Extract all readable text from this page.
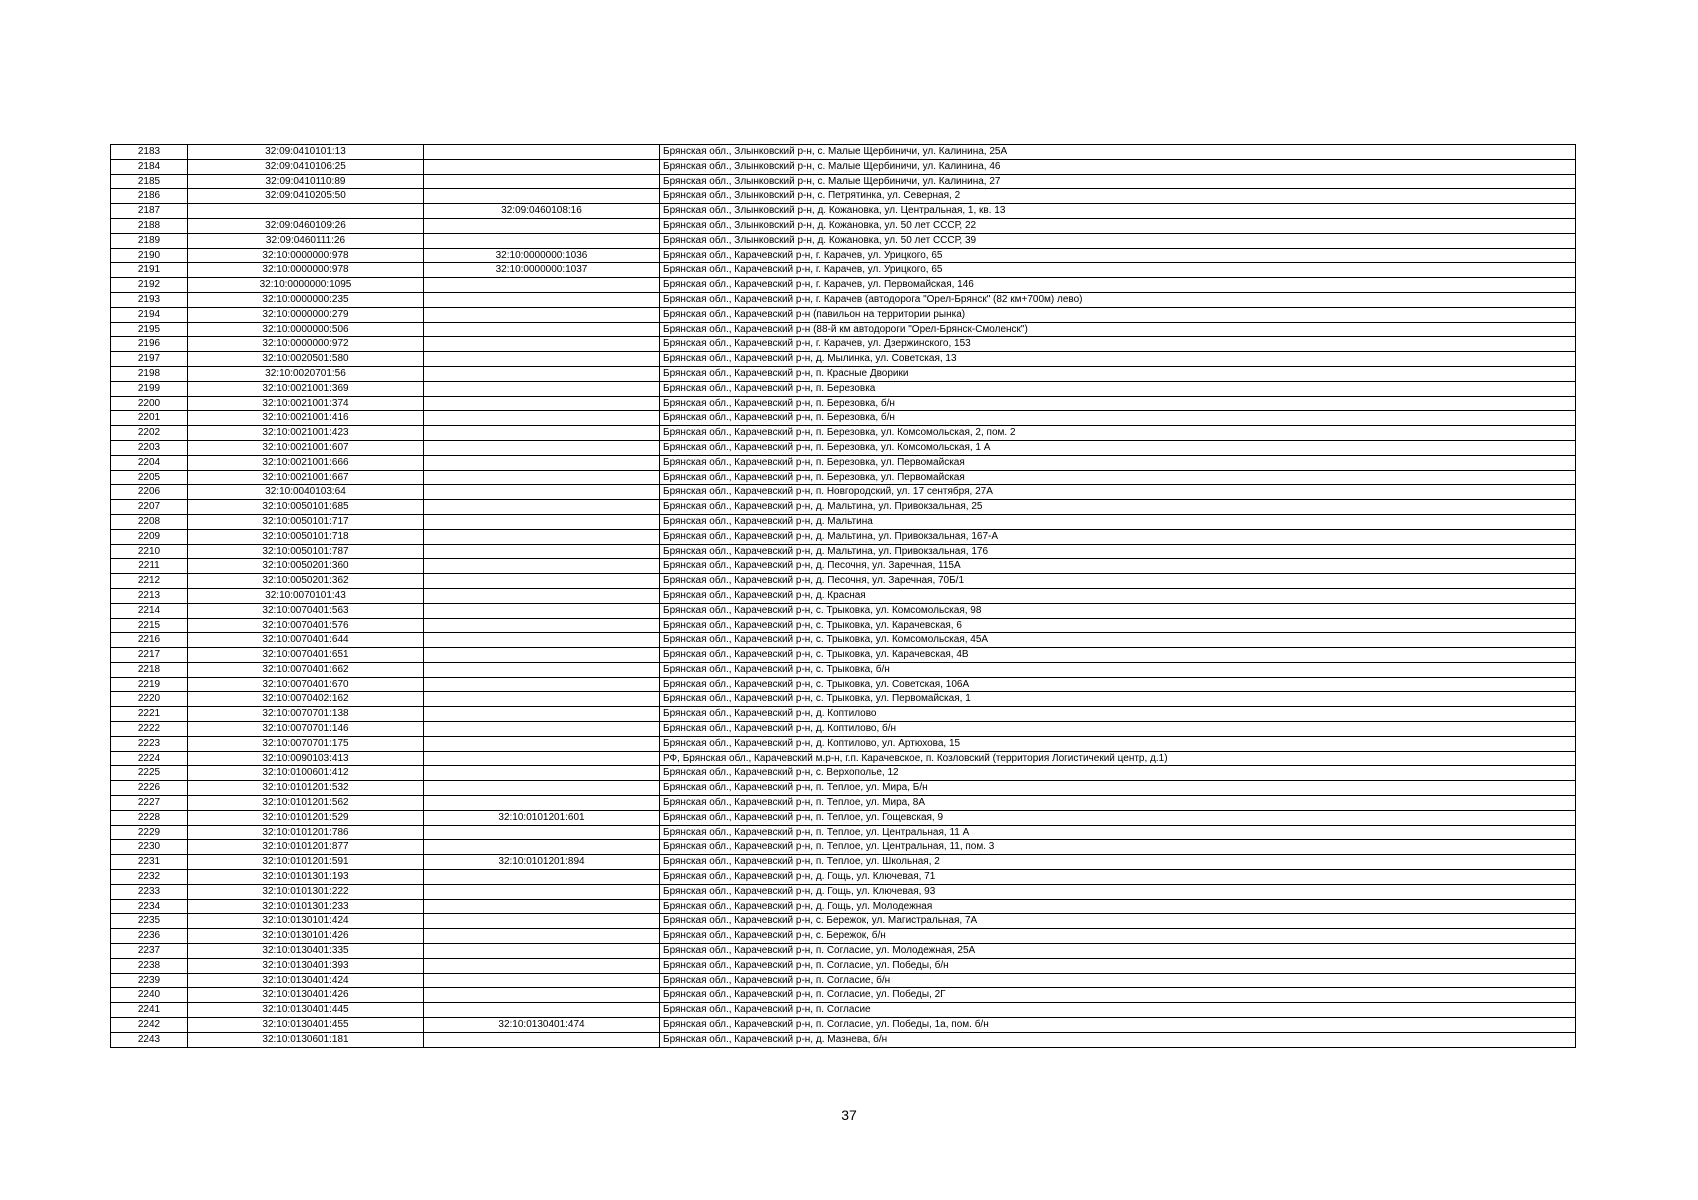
2183	32:09:0410101:13		Брянская обл., Злынковский р-н, с. Малые Щербиничи, ул. Калинина, 25А
2184	32:09:0410106:25		Брянская обл., Злынковский р-н, с. Малые Щербиничи, ул. Калинина, 46
2185	32:09:0410110:89		Брянская обл., Злынковский р-н, с. Малые Щербиничи, ул. Калинина, 27
2186	32:09:0410205:50		Брянская обл., Злынковский р-н, с. Петрятинка, ул. Северная, 2
2187		32:09:0460108:16	Брянская обл., Злынковский р-н, д. Кожановка, ул. Центральная, 1, кв. 13
2188	32:09:0460109:26		Брянская обл., Злынковский р-н, д. Кожановка, ул. 50 лет СССР, 22
2189	32:09:0460111:26		Брянская обл., Злынковский р-н, д. Кожановка, ул. 50 лет СССР, 39
2190	32:10:0000000:978	32:10:0000000:1036	Брянская обл., Карачевский р-н, г. Карачев, ул. Урицкого, 65
2191	32:10:0000000:978	32:10:0000000:1037	Брянская обл., Карачевский р-н, г. Карачев, ул. Урицкого, 65
2192	32:10:0000000:1095		Брянская обл., Карачевский р-н, г. Карачев, ул. Первомайская, 146
2193	32:10:0000000:235		Брянская обл., Карачевский р-н, г. Карачев (автодорога "Орел-Брянск" (82 км+700м) лево)
2194	32:10:0000000:279		Брянская обл., Карачевский р-н (павильон на территории рынка)
2195	32:10:0000000:506		Брянская обл., Карачевский р-н (88-й км автодороги "Орел-Брянск-Смоленск")
2196	32:10:0000000:972		Брянская обл., Карачевский р-н, г. Карачев, ул. Дзержинского, 153
2197	32:10:0020501:580		Брянская обл., Карачевский р-н, д. Мылинка, ул. Советская, 13
2198	32:10:0020701:56		Брянская обл., Карачевский р-н, п. Красные Дворики
2199	32:10:0021001:369		Брянская обл., Карачевский р-н, п. Березовка
2200	32:10:0021001:374		Брянская обл., Карачевский р-н, п. Березовка, б/н
2201	32:10:0021001:416		Брянская обл., Карачевский р-н, п. Березовка, б/н
2202	32:10:0021001:423		Брянская обл., Карачевский р-н, п. Березовка, ул. Комсомольская, 2, пом. 2
2203	32:10:0021001:607		Брянская обл., Карачевский р-н, п. Березовка, ул. Комсомольская, 1 А
2204	32:10:0021001:666		Брянская обл., Карачевский р-н, п. Березовка, ул. Первомайская
2205	32:10:0021001:667		Брянская обл., Карачевский р-н, п. Березовка, ул. Первомайская
2206	32:10:0040103:64		Брянская обл., Карачевский р-н, п. Новгородский, ул. 17 сентября, 27А
2207	32:10:0050101:685		Брянская обл., Карачевский р-н, д. Мальтина, ул. Привокзальная, 25
2208	32:10:0050101:717		Брянская обл., Карачевский р-н, д. Мальтина
2209	32:10:0050101:718		Брянская обл., Карачевский р-н, д. Мальтина, ул. Привокзальная, 167-А
2210	32:10:0050101:787		Брянская обл., Карачевский р-н, д. Мальтина, ул. Привокзальная, 176
2211	32:10:0050201:360		Брянская обл., Карачевский р-н, д. Песочня, ул. Заречная, 115А
2212	32:10:0050201:362		Брянская обл., Карачевский р-н, д. Песочня, ул. Заречная, 70Б/1
2213	32:10:0070101:43		Брянская обл., Карачевский р-н, д. Красная
2214	32:10:0070401:563		Брянская обл., Карачевский р-н, с. Трыковка, ул. Комсомольская, 98
2215	32:10:0070401:576		Брянская обл., Карачевский р-н, с. Трыковка, ул. Карачевская, 6
2216	32:10:0070401:644		Брянская обл., Карачевский р-н, с. Трыковка, ул. Комсомольская, 45А
2217	32:10:0070401:651		Брянская обл., Карачевский р-н, с. Трыковка, ул. Карачевская, 4В
2218	32:10:0070401:662		Брянская обл., Карачевский р-н, с. Трыковка, б/н
2219	32:10:0070401:670		Брянская обл., Карачевский р-н, с. Трыковка, ул. Советская, 106А
2220	32:10:0070402:162		Брянская обл., Карачевский р-н, с. Трыковка, ул. Первомайская, 1
2221	32:10:0070701:138		Брянская обл., Карачевский р-н, д. Коптилово
2222	32:10:0070701:146		Брянская обл., Карачевский р-н, д. Коптилово, б/н
2223	32:10:0070701:175		Брянская обл., Карачевский р-н, д. Коптилово, ул. Артюхова, 15
2224	32:10:0090103:413		РФ, Брянская обл., Карачевский м.р-н, г.п. Карачевское, п. Козловский (территория Логистичекий центр, д.1)
2225	32:10:0100601:412		Брянская обл., Карачевский р-н, с. Верхополье, 12
2226	32:10:0101201:532		Брянская обл., Карачевский р-н, п. Теплое, ул. Мира, Б/н
2227	32:10:0101201:562		Брянская обл., Карачевский р-н, п. Теплое, ул. Мира, 8А
2228	32:10:0101201:529	32:10:0101201:601	Брянская обл., Карачевский р-н, п. Теплое, ул. Гощевская, 9
2229	32:10:0101201:786		Брянская обл., Карачевский р-н, п. Теплое, ул. Центральная, 11 А
2230	32:10:0101201:877		Брянская обл., Карачевский р-н, п. Теплое, ул. Центральная, 11, пом. 3
2231	32:10:0101201:591	32:10:0101201:894	Брянская обл., Карачевский р-н, п. Теплое, ул. Школьная, 2
2232	32:10:0101301:193		Брянская обл., Карачевский р-н, д. Гощь, ул. Ключевая, 71
2233	32:10:0101301:222		Брянская обл., Карачевский р-н, д. Гощь, ул. Ключевая, 93
2234	32:10:0101301:233		Брянская обл., Карачевский р-н, д. Гощь, ул. Молодежная
2235	32:10:0130101:424		Брянская обл., Карачевский р-н, с. Бережок, ул. Магистральная, 7А
2236	32:10:0130101:426		Брянская обл., Карачевский р-н, с. Бережок, б/н
2237	32:10:0130401:335		Брянская обл., Карачевский р-н, п. Согласие, ул. Молодежная, 25А
2238	32:10:0130401:393		Брянская обл., Карачевский р-н, п. Согласие, ул. Победы, б/н
2239	32:10:0130401:424		Брянская обл., Карачевский р-н, п. Согласие, б/н
2240	32:10:0130401:426		Брянская обл., Карачевский р-н, п. Согласие, ул. Победы, 2Г
2241	32:10:0130401:445		Брянская обл., Карачевский р-н, п. Согласие
2242	32:10:0130401:455	32:10:0130401:474	Брянская обл., Карачевский р-н, п. Согласие, ул. Победы, 1а, пом. б/н
2243	32:10:0130601:181		Брянская обл., Карачевский р-н, д. Мазнева, б/н
37
